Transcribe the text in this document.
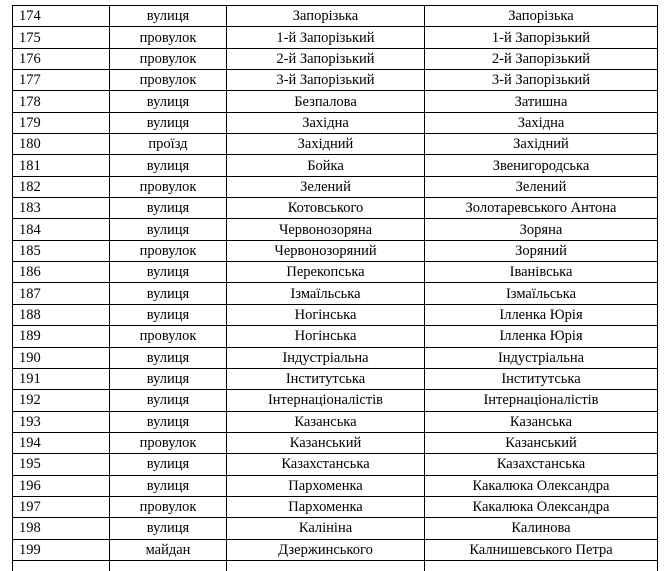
174	вулиця	Запорізька	Запорізька
175	провулок	1-й Запорізький	1-й Запорізький
176	провулок	2-й Запорізький	2-й Запорізький
177	провулок	3-й Запорізький	3-й Запорізький
178	вулиця	Безпалова	Затишна
179	вулиця	Західна	Західна
180	проїзд	Західний	Західний
181	вулиця	Бойка	Звенигородська
182	провулок	Зелений	Зелений
183	вулиця	Котовського	Золотаревського Антона
184	вулиця	Червонозоряна	Зоряна
185	провулок	Червонозоряний	Зоряний
186	вулиця	Перекопська	Іванівська
187	вулиця	Ізмаїльська	Ізмаїльська
188	вулиця	Ногінська	Ілленка Юрія
189	провулок	Ногінська	Ілленка Юрія
190	вулиця	Індустріальна	Індустріальна
191	вулиця	Інститутська	Інститутська
192	вулиця	Інтернаціоналістів	Інтернаціоналістів
193	вулиця	Казанська	Казанська
194	провулок	Казанський	Казанський
195	вулиця	Казахстанська	Казахстанська
196	вулиця	Пархоменка	Какалюка Олександра
197	провулок	Пархоменка	Какалюка Олександра
198	вулиця	Калініна	Калинова
199	майдан	Дзержинського	Калнишевського Петра
